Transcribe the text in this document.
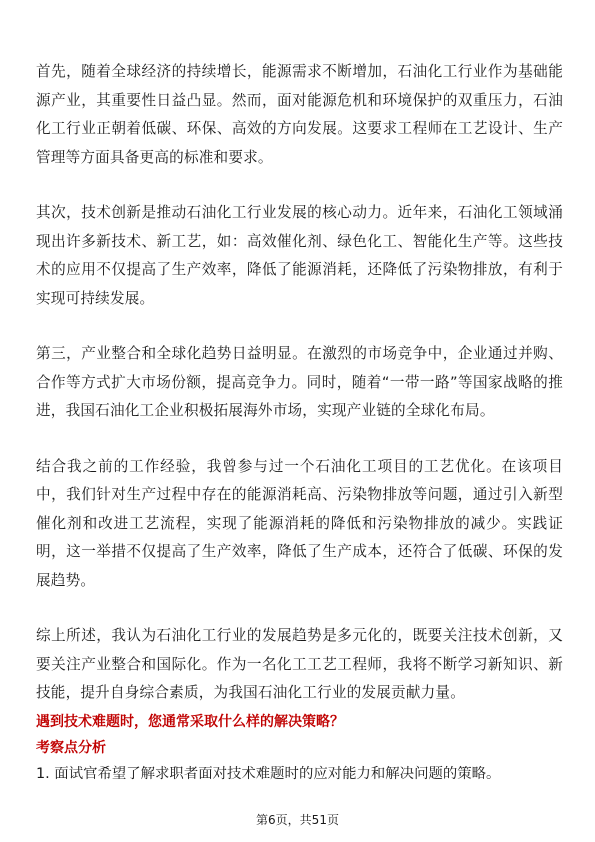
首先，随着全球经济的持续增长，能源需求不断增加，石油化工行业作为基础能源产业，其重要性日益凸显。然而，面对能源危机和环境保护的双重压力，石油化工行业正朝着低碳、环保、高效的方向发展。这要求工程师在工艺设计、生产管理等方面具备更高的标准和要求。

其次，技术创新是推动石油化工行业发展的核心动力。近年来，石油化工领域涌现出许多新技术、新工艺，如：高效催化剂、绿色化工、智能化生产等。这些技术的应用不仅提高了生产效率，降低了能源消耗，还降低了污染物排放，有利于实现可持续发展。

第三，产业整合和全球化趋势日益明显。在激烈的市场竞争中，企业通过并购、合作等方式扩大市场份额，提高竞争力。同时，随着“一带一路”等国家战略的推进，我国石油化工企业积极拓展海外市场，实现产业链的全球化布局。

结合我之前的工作经验，我曾参与过一个石油化工项目的工艺优化。在该项目中，我们针对生产过程中存在的能源消耗高、污染物排放等问题，通过引入新型催化剂和改进工艺流程，实现了能源消耗的降低和污染物排放的减少。实践证明，这一举措不仅提高了生产效率，降低了生产成本，还符合了低碳、环保的发展趋势。

综上所述，我认为石油化工行业的发展趋势是多元化的，既要关注技术创新，又要关注产业整合和国际化。作为一名化工工艺工程师，我将不断学习新知识、新技能，提升自身综合素质，为我国石油化工行业的发展贡献力量。

遇到技术难题时，您通常采取什么样的解决策略？
考察点分析
1. 面试官希望了解求职者面对技术难题时的应对能力和解决问题的策略。
第6页，共51页
